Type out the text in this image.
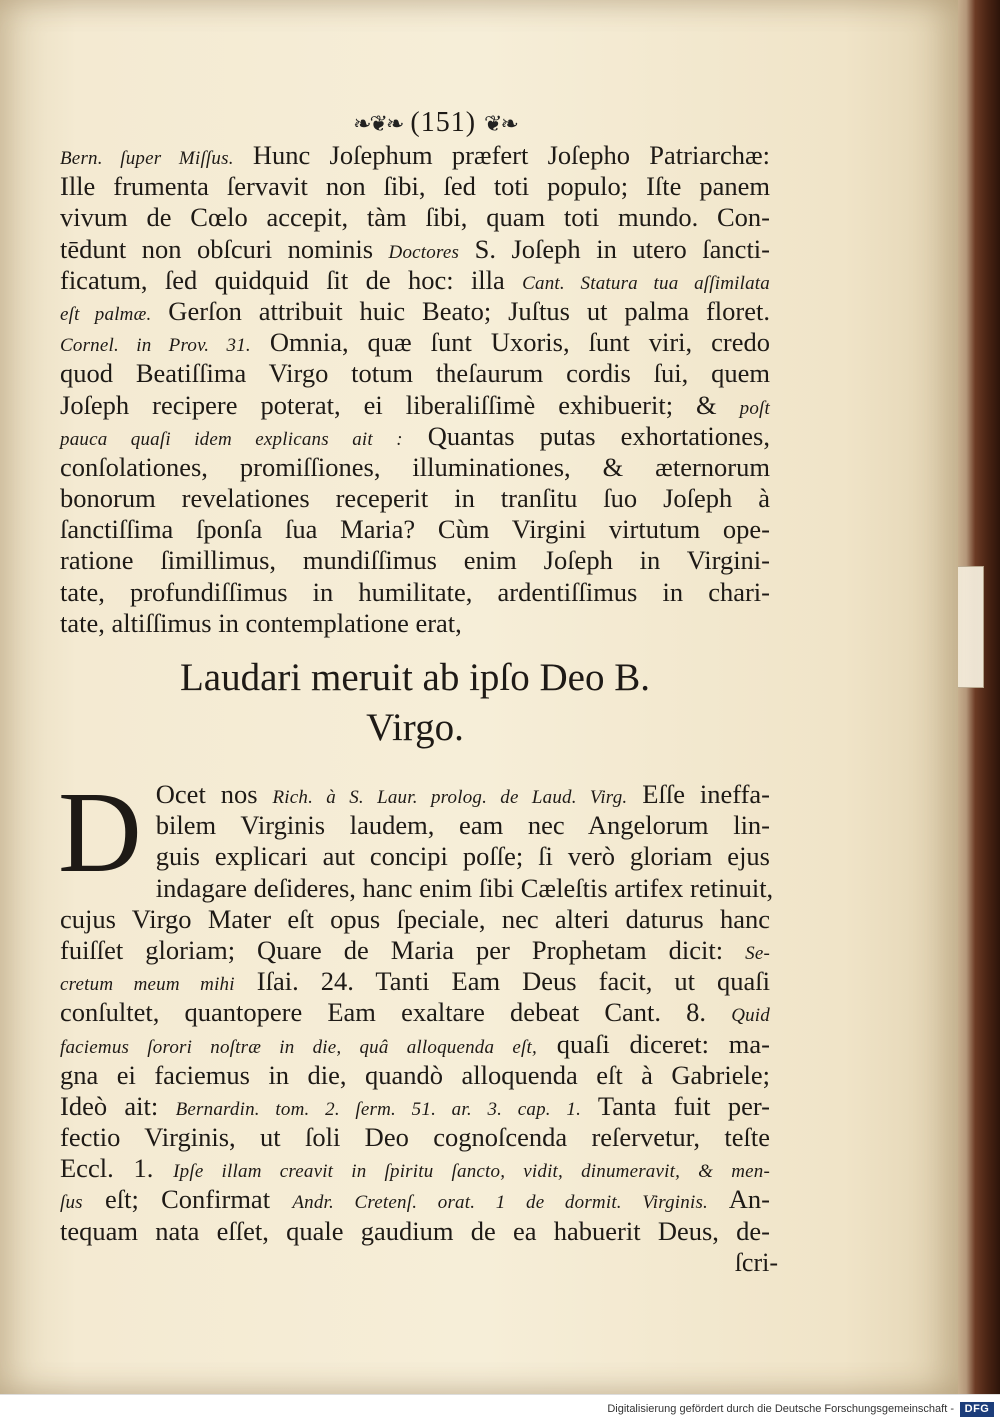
❧❦❧ (151) ❦❧
Bern. ſuper Miſſus. Hunc Joſephum præfert Joſepho Patriarchæ:
Ille frumenta ſervavit non ſibi, ſed toti populo; Iſte panem
vivum de Cœlo accepit, tàm ſibi, quam toti mundo. Con-
tēdunt non obſcuri nominis Doctores S. Joſeph in utero ſancti-
ficatum, ſed quidquid ſit de hoc: illa Cant. Statura tua aſſimilata
eſt palmæ. Gerſon attribuit huic Beato; Juſtus ut palma floret.
Cornel. in Prov. 31. Omnia, quæ ſunt Uxoris, ſunt viri, credo
quod Beatiſſima Virgo totum theſaurum cordis ſui, quem
Joſeph recipere poterat, ei liberaliſſimè exhibuerit; & poſt
pauca quaſi idem explicans ait : Quantas putas exhortationes,
conſolationes, promiſſiones, illuminationes, & æternorum
bonorum revelationes receperit in tranſitu ſuo Joſeph à
ſanctiſſima ſponſa ſua Maria? Cùm Virgini virtutum ope-
ratione ſimillimus, mundiſſimus enim Joſeph in Virgini-
tate, profundiſſimus in humilitate, ardentiſſimus in chari-
tate, altiſſimus in contemplatione erat,
Laudari meruit ab ipſo Deo B.
Virgo.
D Ocet nos Rich. à S. Laur. prolog. de Laud. Virg. Eſſe ineffa-
bilem Virginis laudem, eam nec Angelorum lin-
guis explicari aut concipi poſſe; ſi verò gloriam ejus
indagare deſideres, hanc enim ſibi Cæleſtis artifex retinuit,
cujus Virgo Mater eſt opus ſpeciale, nec alteri daturus hanc
fuiſſet gloriam; Quare de Maria per Prophetam dicit: Se-
cretum meum mihi Iſai. 24. Tanti Eam Deus facit, ut quaſi
conſultet, quantopere Eam exaltare debeat Cant. 8. Quid
faciemus ſorori noſtræ in die, quâ alloquenda eſt, quaſi diceret: ma-
gna ei faciemus in die, quandò alloquenda eſt à Gabriele;
Ideò ait: Bernardin. tom. 2. ſerm. 51. ar. 3. cap. 1. Tanta fuit per-
fectio Virginis, ut ſoli Deo cognoſcenda reſervetur, teſte
Eccl. 1. Ipſe illam creavit in ſpiritu ſancto, vidit, dinumeravit, & men-
ſus eſt; Confirmat Andr. Cretenſ. orat. 1 de dormit. Virginis. An-
tequam nata eſſet, quale gaudium de ea habuerit Deus, de-
ſcri-
Digitalisierung gefördert durch die Deutsche Forschungsgemeinschaft - DFG
